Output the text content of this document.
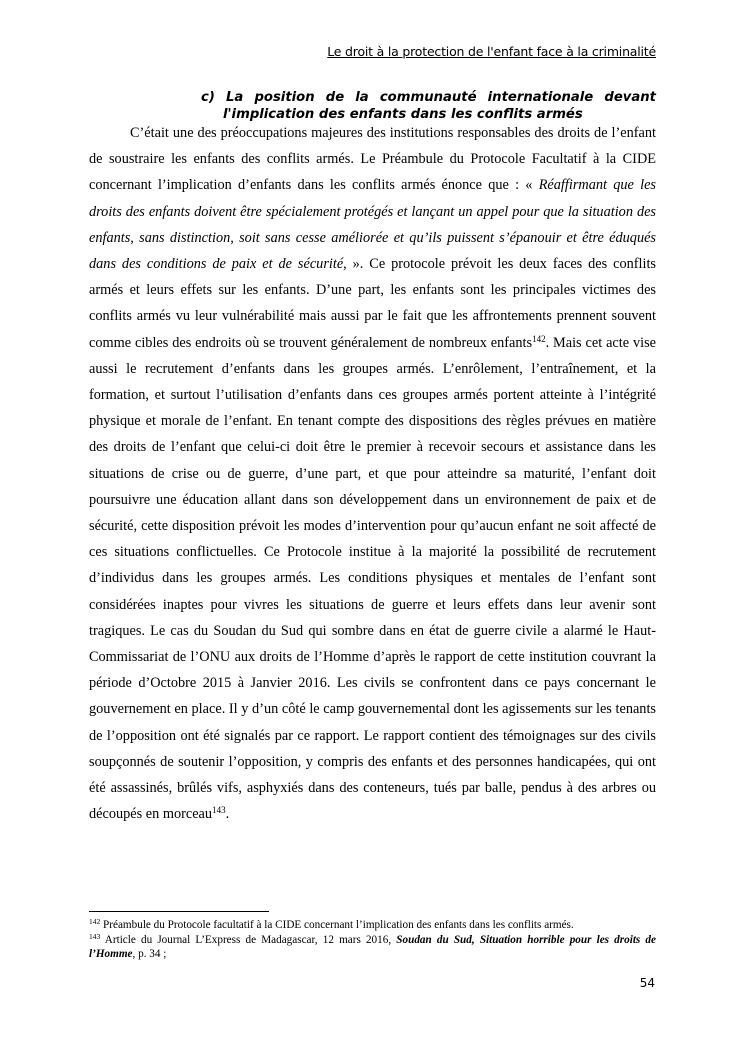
Le droit à la protection de l'enfant face à la criminalité
c) La position de la communauté internationale devant
l'implication des enfants dans les conflits armés

C’était une des préoccupations majeures des institutions responsables des droits de l’enfant de soustraire les enfants des conflits armés. Le Préambule du Protocole Facultatif à la CIDE concernant l’implication d’enfants dans les conflits armés énonce que : « Réaffirmant que les droits des enfants doivent être spécialement protégés et lançant un appel pour que la situation des enfants, sans distinction, soit sans cesse améliorée et qu’ils puissent s’épanouir et être éduqués dans des conditions de paix et de sécurité, ». Ce protocole prévoit les deux faces des conflits armés et leurs effets sur les enfants. D’une part, les enfants sont les principales victimes des conflits armés vu leur vulnérabilité mais aussi par le fait que les affrontements prennent souvent comme cibles des endroits où se trouvent généralement de nombreux enfants$^{142}$. Mais cet acte vise aussi le recrutement d’enfants dans les groupes armés. L’enrôlement, l’entraînement, et la formation, et surtout l’utilisation d’enfants dans ces groupes armés portent atteinte à l’intégrité physique et morale de l’enfant. En tenant compte des dispositions des règles prévues en matière des droits de l’enfant que celui-ci doit être le premier à recevoir secours et assistance dans les situations de crise ou de guerre, d’une part, et que pour atteindre sa maturité, l’enfant doit poursuivre une éducation allant dans son développement dans un environnement de paix et de sécurité, cette disposition prévoit les modes d’intervention pour qu’aucun enfant ne soit affecté de ces situations conflictuelles. Ce Protocole institue à la majorité la possibilité de recrutement d’individus dans les groupes armés. Les conditions physiques et mentales de l’enfant sont considérées inaptes pour vivres les situations de guerre et leurs effets dans leur avenir sont tragiques. Le cas du Soudan du Sud qui sombre dans en état de guerre civile a alarmé le Haut- Commissariat de l’ONU aux droits de l’Homme d’après le rapport de cette institution couvrant la période d’Octobre 2015 à Janvier 2016. Les civils se confrontent dans ce pays concernant le gouvernement en place. Il y d’un côté le camp gouvernemental dont les agissements sur les tenants de l’opposition ont été signalés par ce rapport. Le rapport contient des témoignages sur des civils soupçonnés de soutenir l’opposition, y compris des enfants et des personnes handicapées, qui ont été assassinés, brûlés vifs, asphyxiés dans des conteneurs, tués par balle, pendus à des arbres ou découpés en morceau$^{143}$.

$^{142}$ Préambule du Protocole facultatif à la CIDE concernant l’implication des enfants dans les conflits armés.

$^{143}$ Article du Journal L’Express de Madagascar, 12 mars 2016, Soudan du Sud, Situation horrible pour les droits de l’Homme, p. 34 ;

54
